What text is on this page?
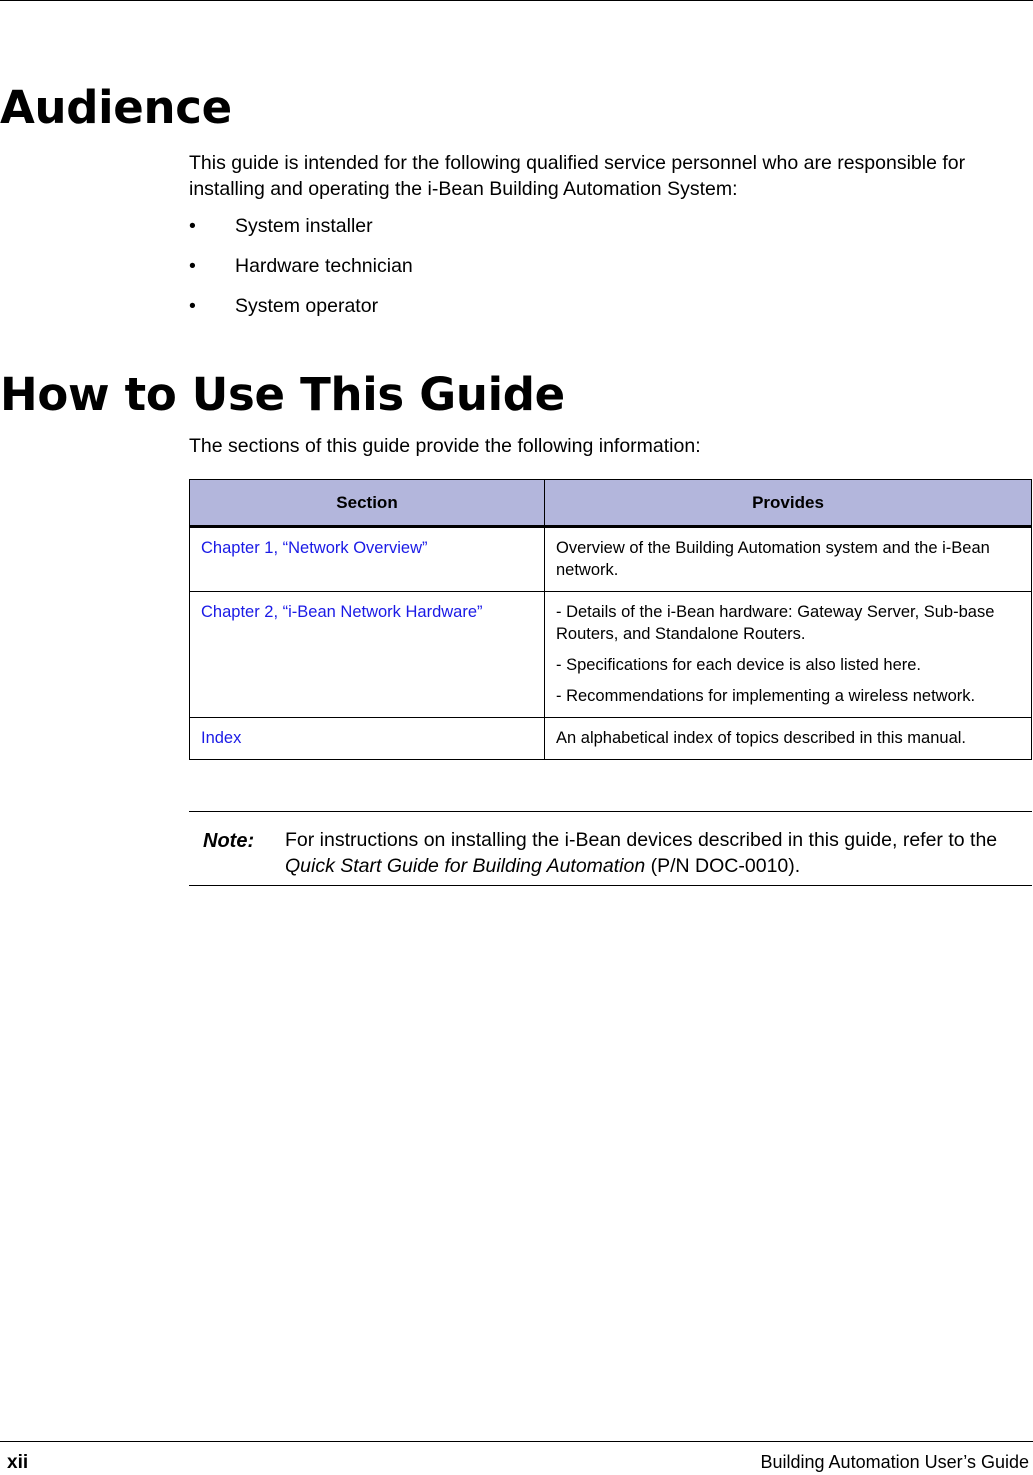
Audience

This guide is intended for the following qualified service personnel who are responsible for installing and operating the i-Bean Building Automation System:

• System installer
• Hardware technician
• System operator
How to Use This Guide

The sections of this guide provide the following information:

Section	Provides
Chapter 1, “Network Overview”	Overview of the Building Automation system and the i-Bean network.

Chapter 2, “i-Bean Network Hardware”	- Details of the i-Bean hardware: Gateway Server, Sub-base Routers, and Standalone Routers.

- Specifications for each device is also listed here.

- Recommendations for implementing a wireless network.

Index	An alphabetical index of topics described in this manual.

Note: For instructions on installing the i-Bean devices described in this guide, refer to the Quick Start Guide for Building Automation (P/N DOC-0010).
xii	Building Automation User’s Guide
